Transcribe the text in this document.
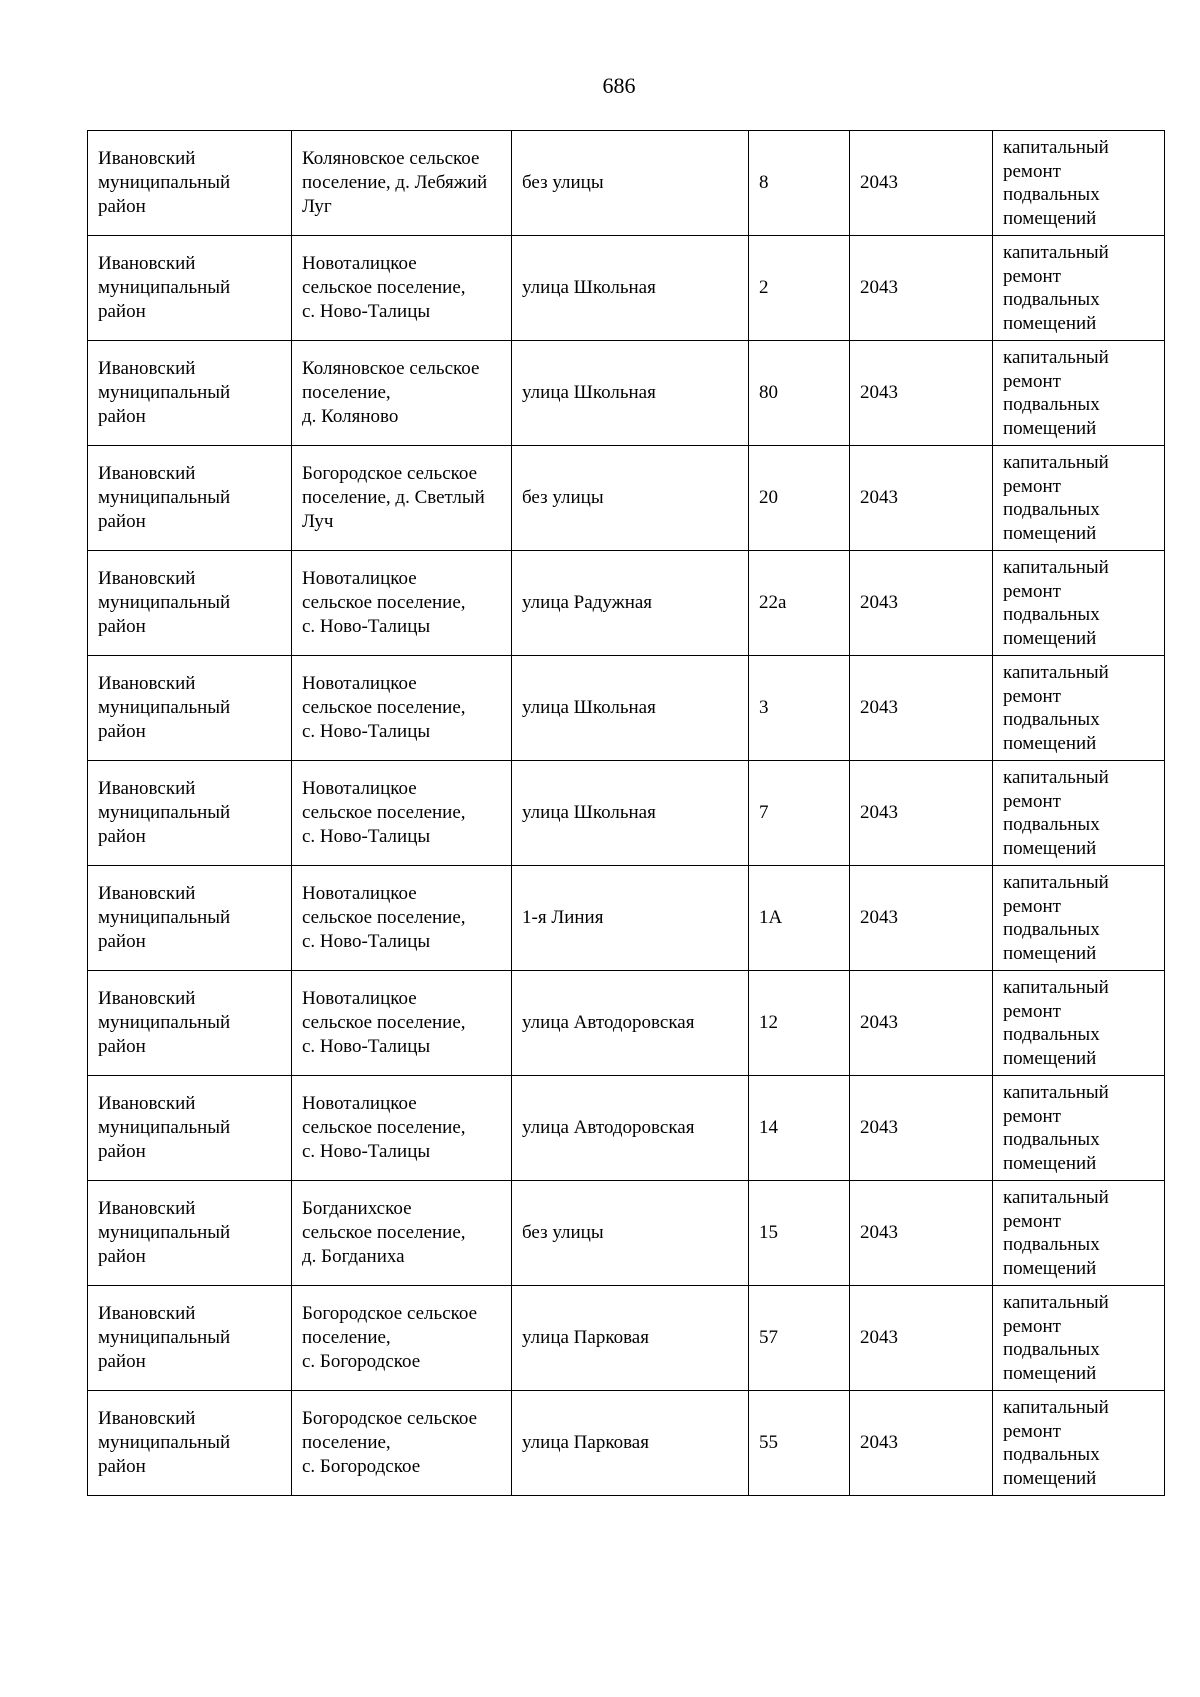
686
Ивановский
муниципальный
район	Коляновское сельское
поселение, д. Лебяжий
Луг	без улицы	8	2043	капитальный
ремонт
подвальных
помещений

Ивановский
муниципальный
район	Новоталицкое
сельское поселение,
с. Ново-Талицы	улица Школьная	2	2043	капитальный
ремонт
подвальных
помещений

Ивановский
муниципальный
район	Коляновское сельское
поселение,
д. Коляново	улица Школьная	80	2043	капитальный
ремонт
подвальных
помещений

Ивановский
муниципальный
район	Богородское сельское
поселение, д. Светлый
Луч	без улицы	20	2043	капитальный
ремонт
подвальных
помещений

Ивановский
муниципальный
район	Новоталицкое
сельское поселение,
с. Ново-Талицы	улица Радужная	22а	2043	капитальный
ремонт
подвальных
помещений

Ивановский
муниципальный
район	Новоталицкое
сельское поселение,
с. Ново-Талицы	улица Школьная	3	2043	капитальный
ремонт
подвальных
помещений

Ивановский
муниципальный
район	Новоталицкое
сельское поселение,
с. Ново-Талицы	улица Школьная	7	2043	капитальный
ремонт
подвальных
помещений

Ивановский
муниципальный
район	Новоталицкое
сельское поселение,
с. Ново-Талицы	1-я Линия	1А	2043	капитальный
ремонт
подвальных
помещений

Ивановский
муниципальный
район	Новоталицкое
сельское поселение,
с. Ново-Талицы	улица Автодоровская	12	2043	капитальный
ремонт
подвальных
помещений

Ивановский
муниципальный
район	Новоталицкое
сельское поселение,
с. Ново-Талицы	улица Автодоровская	14	2043	капитальный
ремонт
подвальных
помещений

Ивановский
муниципальный
район	Богданихское
сельское поселение,
д. Богданиха	без улицы	15	2043	капитальный
ремонт
подвальных
помещений

Ивановский
муниципальный
район	Богородское сельское
поселение,
с. Богородское	улица Парковая	57	2043	капитальный
ремонт
подвальных
помещений

Ивановский
муниципальный
район	Богородское сельское
поселение,
с. Богородское	улица Парковая	55	2043	капитальный
ремонт
подвальных
помещений
